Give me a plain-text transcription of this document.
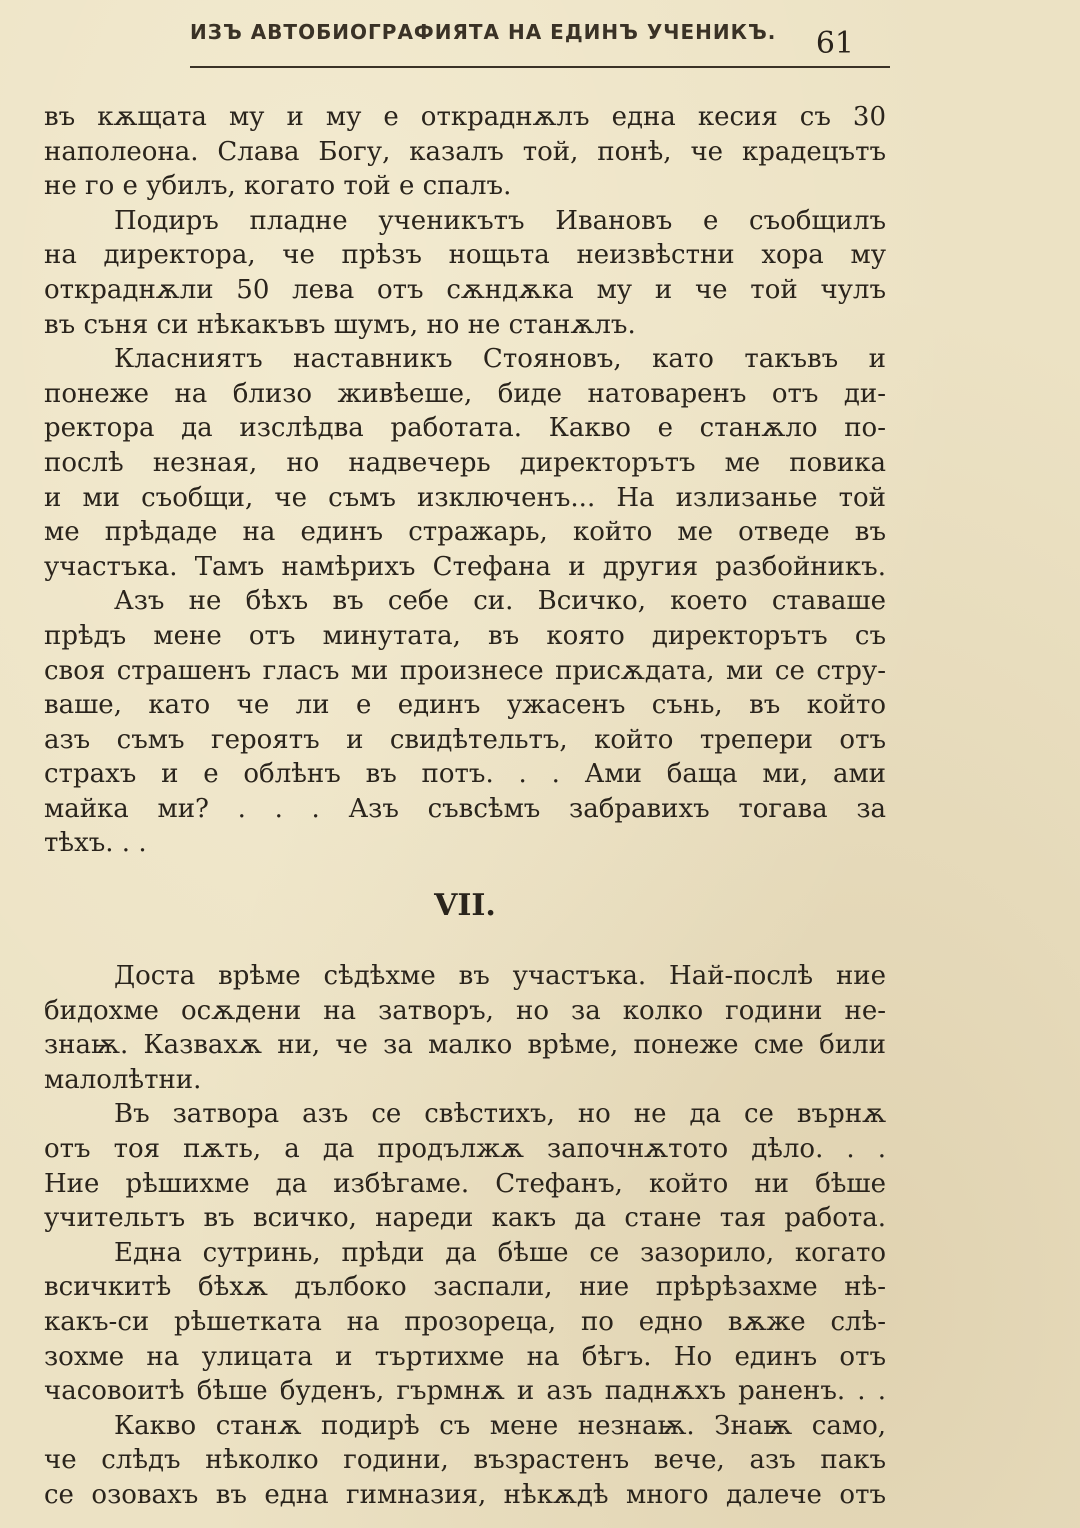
ИЗЪ АВТОБИОГРАФИЯТА НА ЕДИНЪ УЧЕНИКЪ. 61
въ кѫщата му и му е откраднѫлъ една кесия съ 30
наполеона. Слава Богу, казалъ той, понѣ, че крадецътъ
не го е убилъ, когато той е спалъ.
Подиръ пладне ученикътъ Ивановъ е съобщилъ
на директора, че прѣзъ нощьта неизвѣстни хора му
откраднѫли 50 лева отъ сѫндѫка му и че той чулъ
въ съня си нѣкакъвъ шумъ, но не станѫлъ.
Класниятъ наставникъ Стояновъ, като такъвъ и
понеже на близо живѣеше, биде натоваренъ отъ ди-
ректора да изслѣдва работата. Какво е станѫло по-
послѣ незная, но надвечерь директорътъ ме повика
и ми съобщи, че съмъ изключенъ... На излизанье той
ме прѣдаде на единъ стражарь, който ме отведе въ
участъка. Тамъ намѣрихъ Стефана и другия разбойникъ.
Азъ не бѣхъ въ себе си. Всичко, което ставаше
прѣдъ мене отъ минутата, въ която директорътъ съ
своя страшенъ гласъ ми произнесе присѫдата, ми се стру-
ваше, като че ли е единъ ужасенъ сънь, въ който
азъ съмъ героятъ и свидѣтельтъ, който трепери отъ
страхъ и е облѣнъ въ потъ. . . Ами баща ми, ами
майка ми? . . . Азъ съвсѣмъ забравихъ тогава за
тѣхъ. . .
VII.
Доста врѣме сѣдѣхме въ участъка. Най-послѣ ние
бидохме осѫдени на затворъ, но за колко години не-
знаѭ. Казвахѫ ни, че за малко врѣме, понеже сме били
малолѣтни.
Въ затвора азъ се свѣстихъ, но не да се върнѫ
отъ тоя пѫть, а да продължѫ започнѫтото дѣло. . .
Ние рѣшихме да избѣгаме. Стефанъ, който ни бѣше
учительтъ въ всичко, нареди какъ да стане тая работа.
Една сутринь, прѣди да бѣше се зазорило, когато
всичкитѣ бѣхѫ дълбоко заспали, ние прѣрѣзахме нѣ-
какъ-си рѣшетката на прозореца, по едно вѫже слѣ-
зохме на улицата и търтихме на бѣгъ. Но единъ отъ
часовоитѣ бѣше буденъ, гърмнѫ и азъ паднѫхъ раненъ. . .
Какво станѫ подирѣ съ мене незнаѭ. Знаѭ само,
че слѣдъ нѣколко години, възрастенъ вече, азъ пакъ
се озовахъ въ една гимназия, нѣкѫдѣ много далече отъ
